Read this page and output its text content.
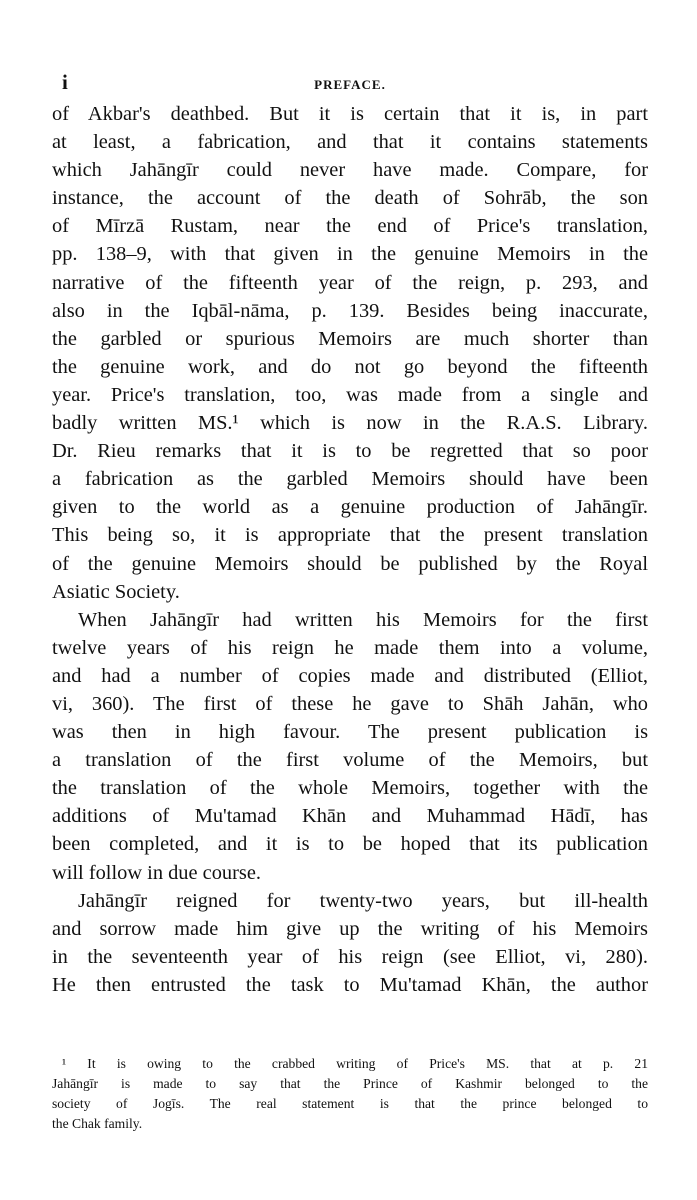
i	PREFACE.
of Akbar's deathbed. But it is certain that it is, in part
at least, a fabrication, and that it contains statements
which Jahāngīr could never have made. Compare, for
instance, the account of the death of Sohrāb, the son
of Mīrzā Rustam, near the end of Price's translation,
pp. 138–9, with that given in the genuine Memoirs in the
narrative of the fifteenth year of the reign, p. 293, and
also in the Iqbāl-nāma, p. 139. Besides being inaccurate,
the garbled or spurious Memoirs are much shorter than
the genuine work, and do not go beyond the fifteenth
year. Price's translation, too, was made from a single and
badly written MS.¹ which is now in the R.A.S. Library.
Dr. Rieu remarks that it is to be regretted that so poor
a fabrication as the garbled Memoirs should have been
given to the world as a genuine production of Jahāngīr.
This being so, it is appropriate that the present translation
of the genuine Memoirs should be published by the Royal
Asiatic Society.
When Jahāngīr had written his Memoirs for the first
twelve years of his reign he made them into a volume,
and had a number of copies made and distributed (Elliot,
vi, 360). The first of these he gave to Shāh Jahān, who
was then in high favour. The present publication is
a translation of the first volume of the Memoirs, but
the translation of the whole Memoirs, together with the
additions of Mu'tamad Khān and Muhammad Hādī, has
been completed, and it is to be hoped that its publication
will follow in due course.
Jahāngīr reigned for twenty-two years, but ill-health
and sorrow made him give up the writing of his Memoirs
in the seventeenth year of his reign (see Elliot, vi, 280).
He then entrusted the task to Mu'tamad Khān, the author
¹ It is owing to the crabbed writing of Price's MS. that at p. 21
Jahāngīr is made to say that the Prince of Kashmir belonged to the
society of Jogīs. The real statement is that the prince belonged to
the Chak family.
